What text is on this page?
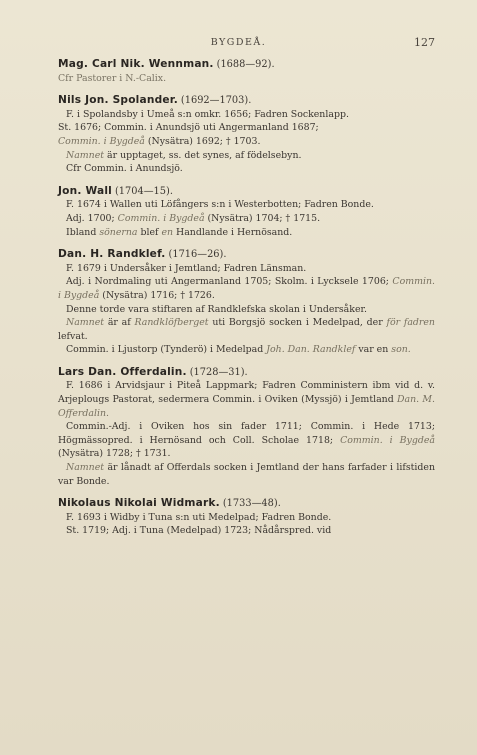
BYGDEÅ.	127

Mag. Carl Nik. Wennman. (1688—92).

Cfr Pastorer i N.-Calix.

Nils Jon. Spolander. (1692—1703).

F. i Spolandsby i Umeå s:n omkr. 1656; Fadren Sockenlapp.

St. 1676; Commin. i Anundsjö uti Angermanland 1687;

Commin. i Bygdeå (Nysätra) 1692; † 1703.

Namnet är upptaget, ss. det synes, af födelsebyn.

Cfr Commin. i Anundsjö.

Jon. Wall (1704—15).

F. 1674 i Wallen uti Löfångers s:n i Westerbotten; Fadren Bonde.

Adj. 1700; Commin. i Bygdeå (Nysätra) 1704; † 1715.

Ibland sönerna blef en Handlande i Hernösand.

Dan. H. Randklef. (1716—26).

F. 1679 i Undersåker i Jemtland; Fadren Länsman.

Adj. i Nordmaling uti Angermanland 1705; Skolm. i Lycksele 1706; Commin. i Bygdeå (Nysätra) 1716; † 1726.

Denne torde vara stiftaren af Randklefska skolan i Undersåker.

Namnet är af Randklöfberget uti Borgsjö socken i Medelpad, der för fadren lefvat.

Commin. i Ljustorp (Tynderö) i Medelpad Joh. Dan. Randklef var en son.

Lars Dan. Offerdalin. (1728—31).

F. 1686 i Arvidsjaur i Piteå Lappmark; Fadren Comministern ibm vid d. v. Arjeplougs Pastorat, sedermera Commin. i Oviken (Myssjö) i Jemtland Dan. M. Offerdalin.

Commin.-Adj. i Oviken hos sin fader 1711; Commin. i Hede 1713; Högmässopred. i Hernösand och Coll. Scholae 1718; Commin. i Bygdeå (Nysätra) 1728; † 1731.

Namnet är lånadt af Offerdals socken i Jemtland der hans farfader i lifstiden var Bonde.

Nikolaus Nikolai Widmark. (1733—48).

F. 1693 i Widby i Tuna s:n uti Medelpad; Fadren Bonde.

St. 1719; Adj. i Tuna (Medelpad) 1723; Nådårspred. vid
